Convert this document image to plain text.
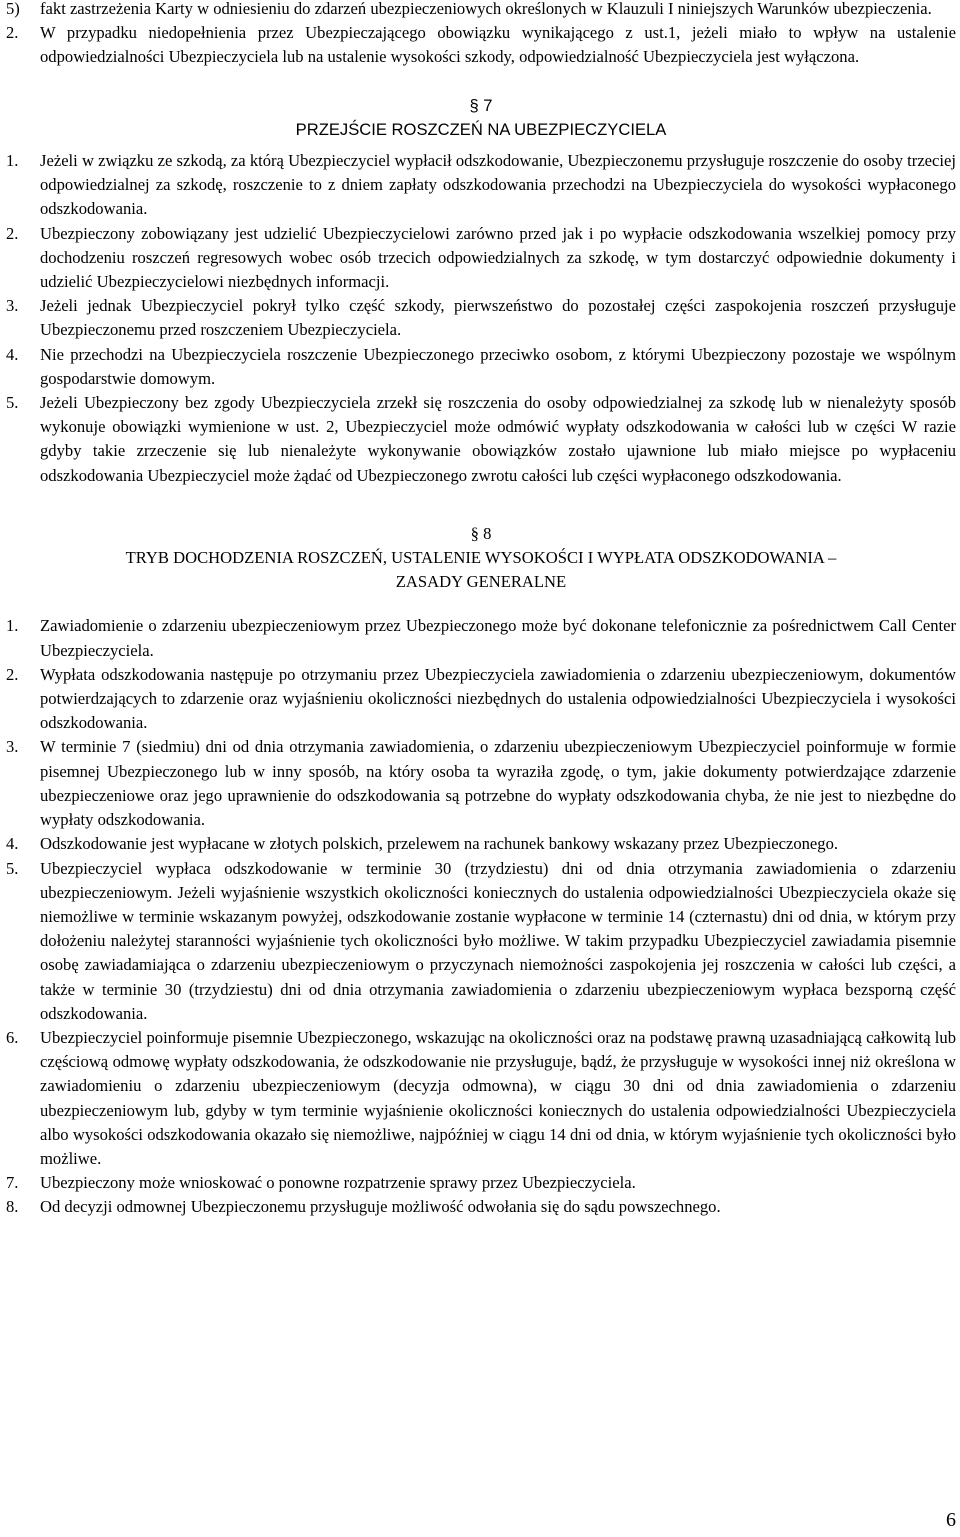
5)	fakt zastrzeżenia Karty w odniesieniu do zdarzeń ubezpieczeniowych określonych w Klauzuli I niniejszych Warunków ubezpieczenia.
2.	W przypadku niedopełnienia przez Ubezpieczającego obowiązku wynikającego z ust.1, jeżeli miało to wpływ na ustalenie odpowiedzialności Ubezpieczyciela lub na ustalenie wysokości szkody, odpowiedzialność Ubezpieczyciela jest wyłączona.
§ 7
PRZEJŚCIE ROSZCZEŃ NA UBEZPIECZYCIELA
1.	Jeżeli w związku ze szkodą, za którą Ubezpieczyciel wypłacił odszkodowanie, Ubezpieczonemu przysługuje roszczenie do osoby trzeciej odpowiedzialnej za szkodę, roszczenie to z dniem zapłaty odszkodowania przechodzi na Ubezpieczyciela do wysokości wypłaconego odszkodowania.
2.	Ubezpieczony zobowiązany jest udzielić Ubezpieczycielowi zarówno przed jak i po wypłacie odszkodowania wszelkiej pomocy przy dochodzeniu roszczeń regresowych wobec osób trzecich odpowiedzialnych za szkodę, w tym dostarczyć odpowiednie dokumenty i udzielić Ubezpieczycielowi niezbędnych informacji.
3.	Jeżeli jednak Ubezpieczyciel pokrył tylko część szkody, pierwszeństwo do pozostałej części zaspokojenia roszczeń przysługuje Ubezpieczonemu przed roszczeniem Ubezpieczyciela.
4.	Nie przechodzi na Ubezpieczyciela roszczenie Ubezpieczonego przeciwko osobom, z którymi Ubezpieczony pozostaje we wspólnym gospodarstwie domowym.
5.	Jeżeli Ubezpieczony bez zgody Ubezpieczyciela zrzekł się roszczenia do osoby odpowiedzialnej za szkodę lub w nienależyty sposób wykonuje obowiązki wymienione w ust. 2, Ubezpieczyciel może odmówić wypłaty odszkodowania w całości lub w części W razie gdyby takie zrzeczenie się lub nienależyte wykonywanie obowiązków zostało ujawnione lub miało miejsce po wypłaceniu odszkodowania Ubezpieczyciel może żądać od Ubezpieczonego zwrotu całości lub części wypłaconego odszkodowania.
§ 8
TRYB DOCHODZENIA ROSZCZEŃ, USTALENIE WYSOKOŚCI I WYPŁATA ODSZKODOWANIA –
ZASADY GENERALNE
1.	Zawiadomienie o zdarzeniu ubezpieczeniowym przez Ubezpieczonego może być dokonane telefonicznie za pośrednictwem Call Center Ubezpieczyciela.
2.	Wypłata odszkodowania następuje po otrzymaniu przez Ubezpieczyciela zawiadomienia o zdarzeniu ubezpieczeniowym, dokumentów potwierdzających to zdarzenie oraz wyjaśnieniu okoliczności niezbędnych do ustalenia odpowiedzialności Ubezpieczyciela i wysokości odszkodowania.
3.	W terminie 7 (siedmiu) dni od dnia otrzymania zawiadomienia, o zdarzeniu ubezpieczeniowym Ubezpieczyciel poinformuje w formie pisemnej Ubezpieczonego lub w inny sposób, na który osoba ta wyraziła zgodę, o tym, jakie dokumenty potwierdzające zdarzenie ubezpieczeniowe oraz jego uprawnienie do odszkodowania są potrzebne do wypłaty odszkodowania chyba, że nie jest to niezbędne do wypłaty odszkodowania.
4.	Odszkodowanie jest wypłacane w złotych polskich, przelewem na rachunek bankowy wskazany przez Ubezpieczonego.
5.	Ubezpieczyciel wypłaca odszkodowanie w terminie 30 (trzydziestu) dni od dnia otrzymania zawiadomienia o zdarzeniu ubezpieczeniowym. Jeżeli wyjaśnienie wszystkich okoliczności koniecznych do ustalenia odpowiedzialności Ubezpieczyciela okaże się niemożliwe w terminie wskazanym powyżej, odszkodowanie zostanie wypłacone w terminie 14 (czternastu) dni od dnia, w którym przy dołożeniu należytej staranności wyjaśnienie tych okoliczności było możliwe. W takim przypadku Ubezpieczyciel zawiadamia pisemnie osobę zawiadamiająca o zdarzeniu ubezpieczeniowym o przyczynach niemożności zaspokojenia jej roszczenia w całości lub części, a także w terminie 30 (trzydziestu) dni od dnia otrzymania zawiadomienia o zdarzeniu ubezpieczeniowym wypłaca bezsporną część odszkodowania.
6.	Ubezpieczyciel poinformuje pisemnie Ubezpieczonego, wskazując na okoliczności oraz na podstawę prawną uzasadniającą całkowitą lub częściową odmowę wypłaty odszkodowania, że odszkodowanie nie przysługuje, bądź, że przysługuje w wysokości innej niż określona w zawiadomieniu o zdarzeniu ubezpieczeniowym (decyzja odmowna), w ciągu 30 dni od dnia zawiadomienia o zdarzeniu ubezpieczeniowym lub, gdyby w tym terminie wyjaśnienie okoliczności koniecznych do ustalenia odpowiedzialności Ubezpieczyciela albo wysokości odszkodowania okazało się niemożliwe, najpóźniej w ciągu 14 dni od dnia, w którym wyjaśnienie tych okoliczności było możliwe.
7.	Ubezpieczony może wnioskować o ponowne rozpatrzenie sprawy przez Ubezpieczyciela.
8.	Od decyzji odmownej Ubezpieczonemu przysługuje możliwość odwołania się do sądu powszechnego.
6
